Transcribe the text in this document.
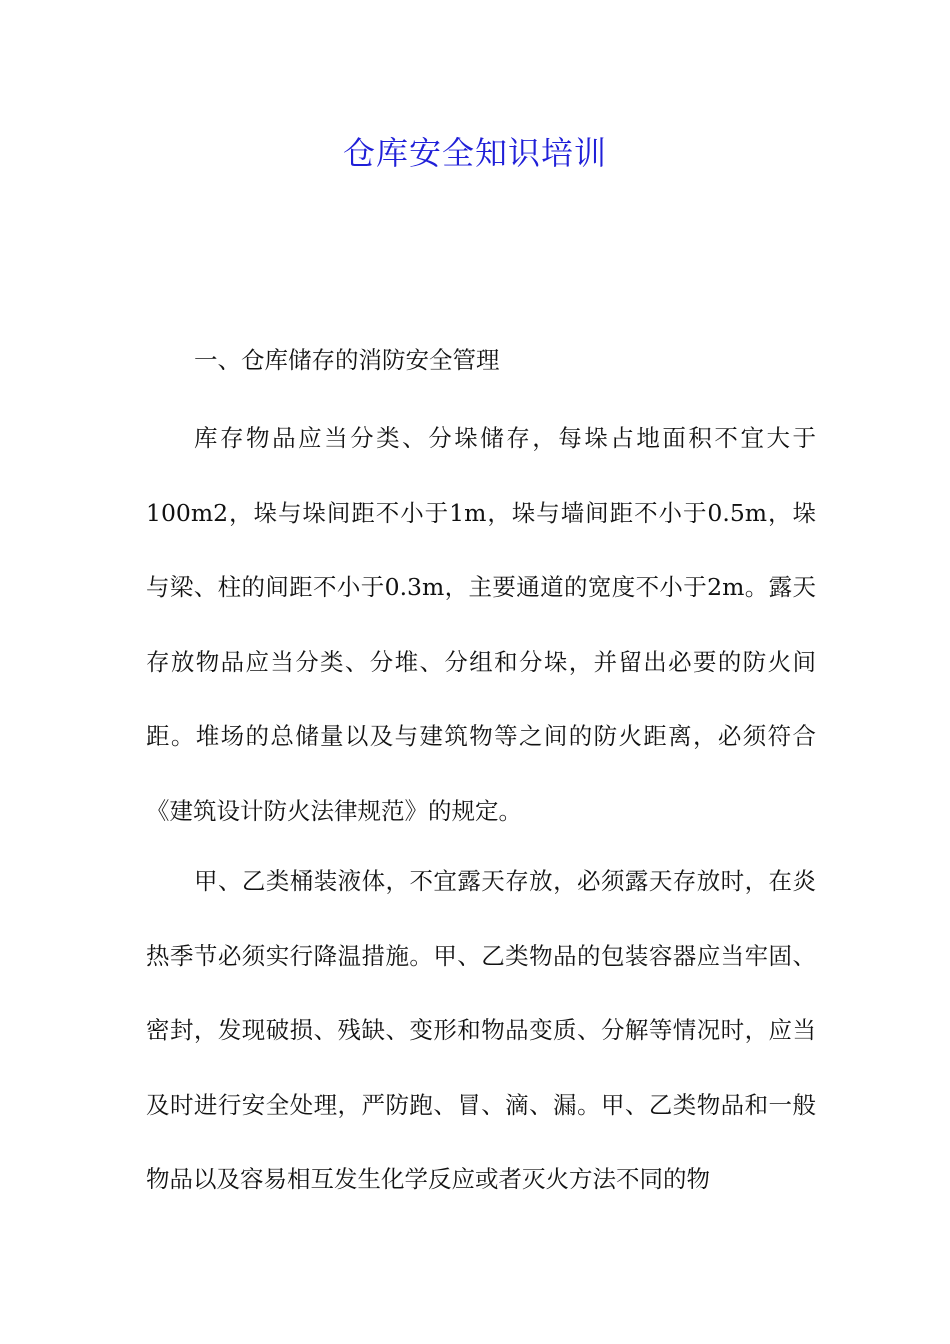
仓库安全知识培训
一、仓库储存的消防安全管理

库存物品应当分类、分垛储存，每垛占地面积不宜大于100m2，垛与垛间距不小于1m，垛与墙间距不小于0.5m，垛与梁、柱的间距不小于0.3m，主要通道的宽度不小于2m。露天存放物品应当分类、分堆、分组和分垛，并留出必要的防火间距。堆场的总储量以及与建筑物等之间的防火距离，必须符合《建筑设计防火法律规范》的规定。

甲、乙类桶装液体，不宜露天存放，必须露天存放时，在炎热季节必须实行降温措施。甲、乙类物品的包装容器应当牢固、密封，发现破损、残缺、变形和物品变质、分解等情况时，应当及时进行安全处理，严防跑、冒、滴、漏。甲、乙类物品和一般物品以及容易相互发生化学反应或者灭火方法不同的物
